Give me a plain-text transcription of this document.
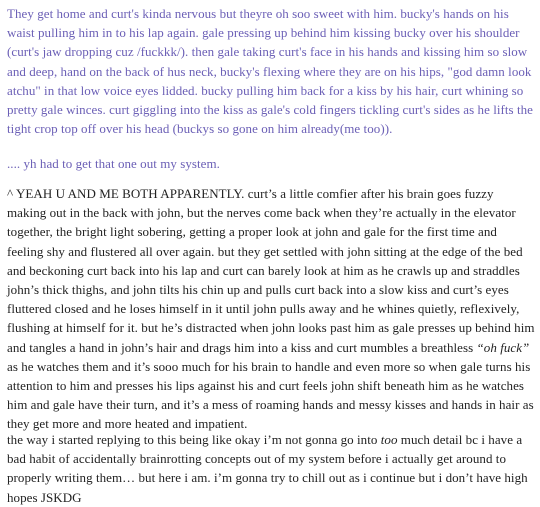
They get home and curt's kinda nervous but theyre oh soo sweet with him. bucky's hands on his waist pulling him in to his lap again. gale pressing up behind him kissing bucky over his shoulder (curt's jaw dropping cuz /fuckkk/). then gale taking curt's face in his hands and kissing him so slow and deep, hand on the back of hus neck, bucky's flexing where they are on his hips, "god damn look atchu" in that low voice eyes lidded. bucky pulling him back for a kiss by his hair, curt whining so pretty gale winces. curt giggling into the kiss as gale's cold fingers tickling curt's sides as he lifts the tight crop top off over his head (buckys so gone on him already(me too)).

.... yh had to get that one out my system.

^ YEAH U AND ME BOTH APPARENTLY. curt’s a little comfier after his brain goes fuzzy making out in the back with john, but the nerves come back when they’re actually in the elevator together, the bright light sobering, getting a proper look at john and gale for the first time and feeling shy and flustered all over again. but they get settled with john sitting at the edge of the bed and beckoning curt back into his lap and curt can barely look at him as he crawls up and straddles john’s thick thighs, and john tilts his chin up and pulls curt back into a slow kiss and curt’s eyes fluttered closed and he loses himself in it until john pulls away and he whines quietly, reflexively, flushing at himself for it. but he’s distracted when john looks past him as gale presses up behind him and tangles a hand in john’s hair and drags him into a kiss and curt mumbles a breathless “oh fuck” as he watches them and it’s sooo much for his brain to handle and even more so when gale turns his attention to him and presses his lips against his and curt feels john shift beneath him as he watches him and gale have their turn, and it’s a mess of roaming hands and messy kisses and hands in hair as they get more and more heated and impatient.

the way i started replying to this being like okay i’m not gonna go into too much detail bc i have a bad habit of accidentally brainrotting concepts out of my system before i actually get around to properly writing them… but here i am. i’m gonna try to chill out as i continue but i don’t have high hopes JSKDG
